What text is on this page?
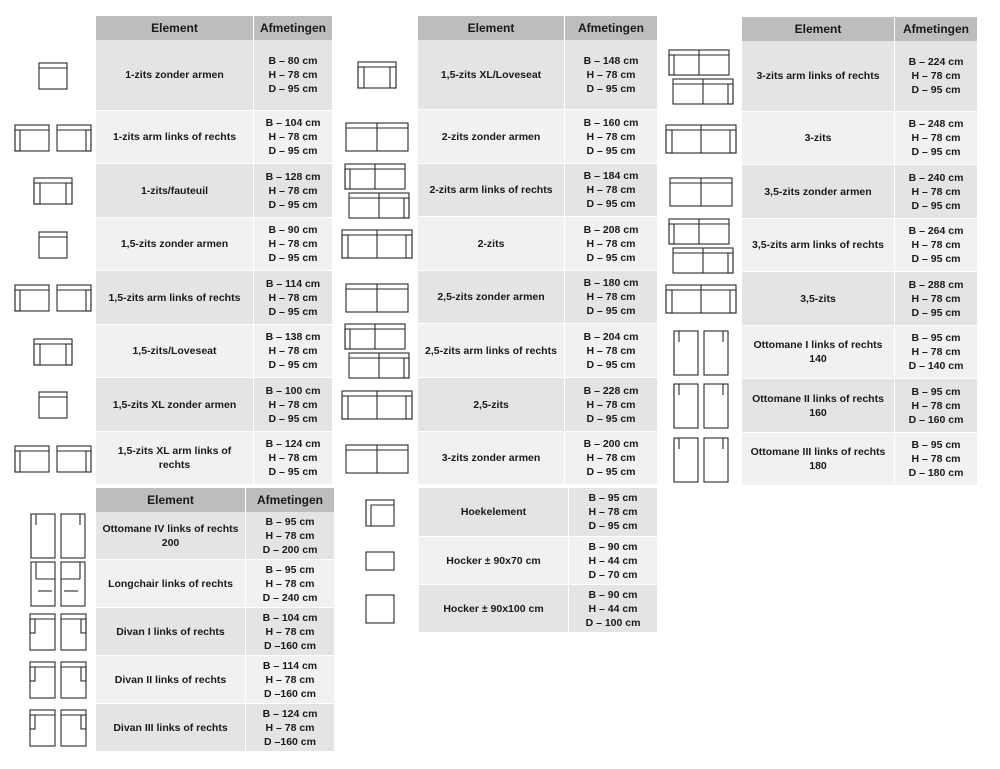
Element	Afmetingen
1-zits zonder armen
B – 80 cm
H – 78 cm
D – 95 cm
1-zits arm links of rechts
B – 104 cm
H – 78 cm
D – 95 cm
1-zits/fauteuil
B – 128 cm
H – 78 cm
D – 95 cm
1,5-zits zonder armen
B – 90 cm
H – 78 cm
D – 95 cm
1,5-zits arm links of rechts
B – 114 cm
H – 78 cm
D – 95 cm
1,5-zits/Loveseat
B – 138 cm
H – 78 cm
D – 95 cm
1,5-zits XL zonder armen
B – 100 cm
H – 78 cm
D – 95 cm
1,5-zits XL arm links of rechts
B – 124 cm
H – 78 cm
D – 95 cm
Element	Afmetingen
1,5-zits XL/Loveseat
B – 148 cm
H – 78 cm
D – 95 cm
2-zits zonder armen
B – 160 cm
H – 78 cm
D – 95 cm
2-zits arm links of rechts
B – 184 cm
H – 78 cm
D – 95 cm
2-zits
B – 208 cm
H – 78 cm
D – 95 cm
2,5-zits zonder armen
B – 180 cm
H – 78 cm
D – 95 cm
2,5-zits arm links of rechts
B – 204 cm
H – 78 cm
D – 95 cm
2,5-zits
B – 228 cm
H – 78 cm
D – 95 cm
3-zits zonder armen
B – 200 cm
H – 78 cm
D – 95 cm
Element	Afmetingen
3-zits arm links of rechts
B – 224 cm
H – 78 cm
D – 95 cm
3-zits
B – 248 cm
H – 78 cm
D – 95 cm
3,5-zits zonder armen
B – 240 cm
H – 78 cm
D – 95 cm
3,5-zits arm links of rechts
B – 264 cm
H – 78 cm
D – 95 cm
3,5-zits
B – 288 cm
H – 78 cm
D – 95 cm
Ottomane I links of rechts 140
B – 95 cm
H – 78 cm
D – 140 cm
Ottomane II links of rechts 160
B – 95 cm
H – 78 cm
D – 160 cm
Ottomane III links of rechts 180
B – 95 cm
H – 78 cm
D – 180 cm
Element	Afmetingen
Ottomane IV links of rechts 200
B – 95 cm
H – 78 cm
D – 200 cm
Longchair links of rechts
B – 95 cm
H – 78 cm
D – 240 cm
Divan I links of rechts
B – 104 cm
H – 78 cm
D –160 cm
Divan II links of rechts
B – 114 cm
H – 78 cm
D –160 cm
Divan III links of rechts
B – 124 cm
H – 78 cm
D –160 cm
Hoekelement
B – 95 cm
H – 78 cm
D – 95 cm
Hocker ± 90x70 cm
B – 90 cm
H – 44 cm
D – 70 cm
Hocker ± 90x100 cm
B – 90 cm
H – 44 cm
D – 100 cm
